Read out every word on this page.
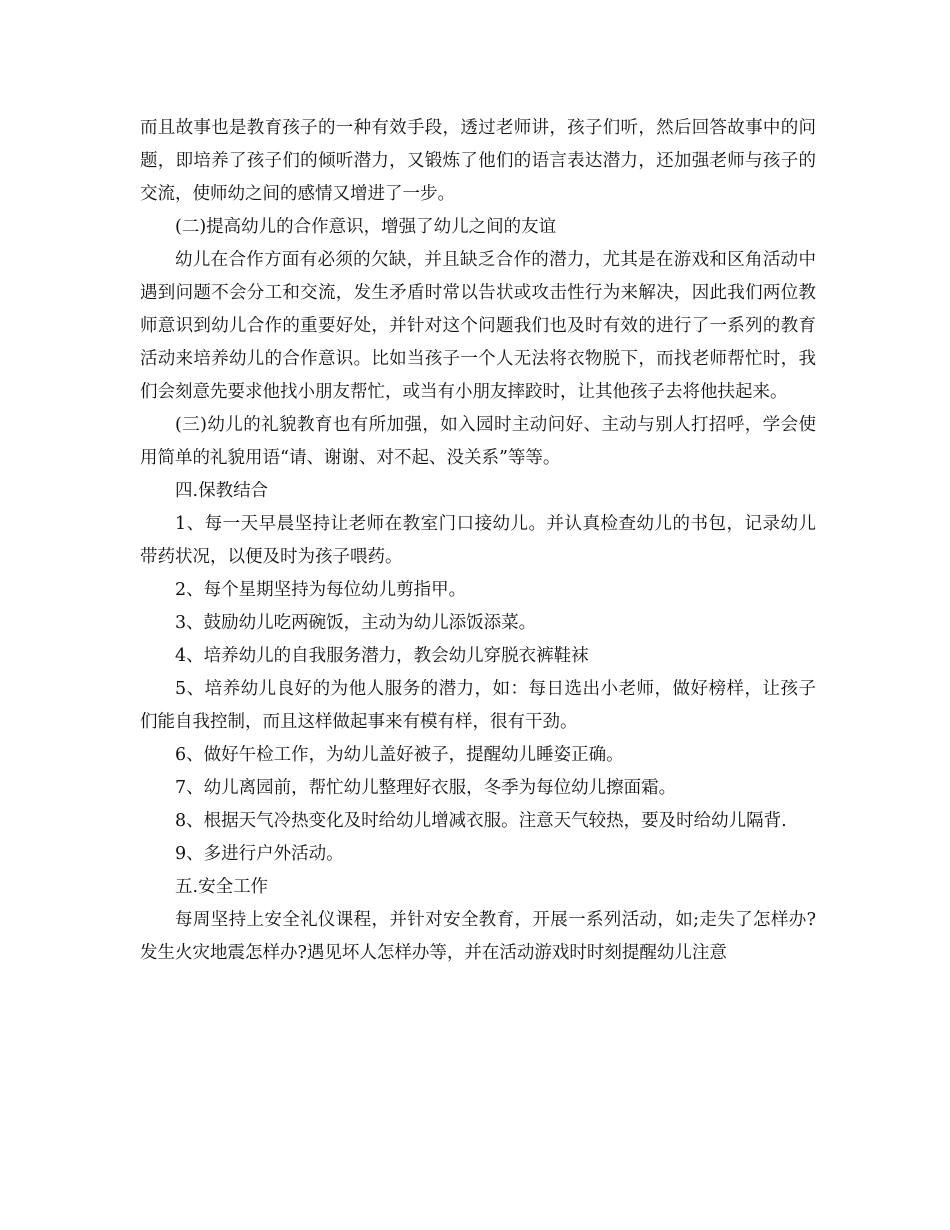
而且故事也是教育孩子的一种有效手段，透过老师讲，孩子们听，然后回答故事中的问题，即培养了孩子们的倾听潜力，又锻炼了他们的语言表达潜力，还加强老师与孩子的交流，使师幼之间的感情又增进了一步。

(二)提高幼儿的合作意识，增强了幼儿之间的友谊

幼儿在合作方面有必须的欠缺，并且缺乏合作的潜力，尤其是在游戏和区角活动中遇到问题不会分工和交流，发生矛盾时常以告状或攻击性行为来解决，因此我们两位教师意识到幼儿合作的重要好处，并针对这个问题我们也及时有效的进行了一系列的教育活动来培养幼儿的合作意识。比如当孩子一个人无法将衣物脱下，而找老师帮忙时，我们会刻意先要求他找小朋友帮忙，或当有小朋友摔跤时，让其他孩子去将他扶起来。

(三)幼儿的礼貌教育也有所加强，如入园时主动问好、主动与别人打招呼，学会使用简单的礼貌用语“请、谢谢、对不起、没关系”等等。

四.保教结合

1、每一天早晨坚持让老师在教室门口接幼儿。并认真检查幼儿的书包，记录幼儿带药状况，以便及时为孩子喂药。

2、每个星期坚持为每位幼儿剪指甲。

3、鼓励幼儿吃两碗饭，主动为幼儿添饭添菜。

4、培养幼儿的自我服务潜力，教会幼儿穿脱衣裤鞋袜

5、培养幼儿良好的为他人服务的潜力，如：每日选出小老师，做好榜样，让孩子们能自我控制，而且这样做起事来有模有样，很有干劲。

6、做好午检工作，为幼儿盖好被子，提醒幼儿睡姿正确。

7、幼儿离园前，帮忙幼儿整理好衣服，冬季为每位幼儿擦面霜。

8、根据天气冷热变化及时给幼儿增减衣服。注意天气较热，要及时给幼儿隔背.

9、多进行户外活动。

五.安全工作

每周坚持上安全礼仪课程，并针对安全教育，开展一系列活动，如;走失了怎样办?发生火灾地震怎样办?遇见坏人怎样办等，并在活动游戏时时刻提醒幼儿注意
